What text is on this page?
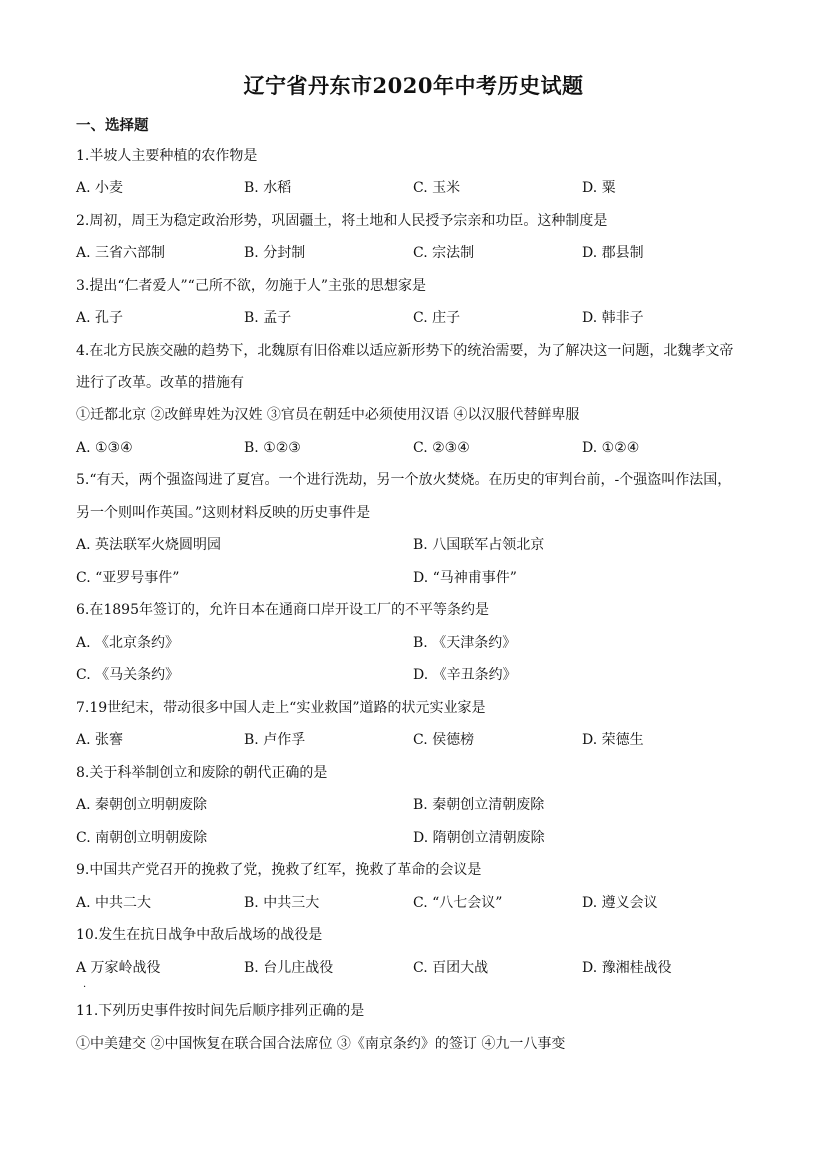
辽宁省丹东市2020年中考历史试题
一、选择题
1.半坡人主要种植的农作物是
A. 小麦	B. 水稻	C. 玉米	D. 粟
2.周初，周王为稳定政治形势，巩固疆土，将土地和人民授予宗亲和功臣。这种制度是
A. 三省六部制	B. 分封制	C. 宗法制	D. 郡县制
3.提出“仁者爱人”“己所不欲，勿施于人”主张的思想家是
A. 孔子	B. 孟子	C. 庄子	D. 韩非子
4.在北方民族交融的趋势下，北魏原有旧俗难以适应新形势下的统治需要，为了解决这一问题，北魏孝文帝
进行了改革。改革的措施有
①迁都北京 ②改鲜卑姓为汉姓 ③官员在朝廷中必须使用汉语 ④以汉服代替鲜卑服
A. ①③④	B. ①②③	C. ②③④	D. ①②④
5.“有天，两个强盗闯进了夏宫。一个进行洗劫，另一个放火焚烧。在历史的审判台前，-个强盗叫作法国，
另一个则叫作英国。”这则材料反映的历史事件是
A. 英法联军火烧圆明园	B. 八国联军占领北京
C. “亚罗号事件”	D. “马神甫事件”
6.在1895年签订的，允许日本在通商口岸开设工厂的不平等条约是
A. 《北京条约》	B. 《天津条约》
C. 《马关条约》	D. 《辛丑条约》
7.19世纪末，带动很多中国人走上“实业救国”道路的状元实业家是
A. 张謇	B. 卢作孚	C. 侯德榜	D. 荣德生
8.关于科举制创立和废除的朝代正确的是
A. 秦朝创立明朝废除	B. 秦朝创立清朝废除
C. 南朝创立明朝废除	D. 隋朝创立清朝废除
9.中国共产党召开的挽救了党，挽救了红军，挽救了革命的会议是
A. 中共二大	B. 中共三大	C. “八七会议”	D. 遵义会议
10.发生在抗日战争中敌后战场的战役是
A 万家岭战役	B. 台儿庄战役	C. 百团大战	D. 豫湘桂战役
·
11.下列历史事件按时间先后顺序排列正确的是
①中美建交 ②中国恢复在联合国合法席位 ③《南京条约》的签订 ④九一八事变
